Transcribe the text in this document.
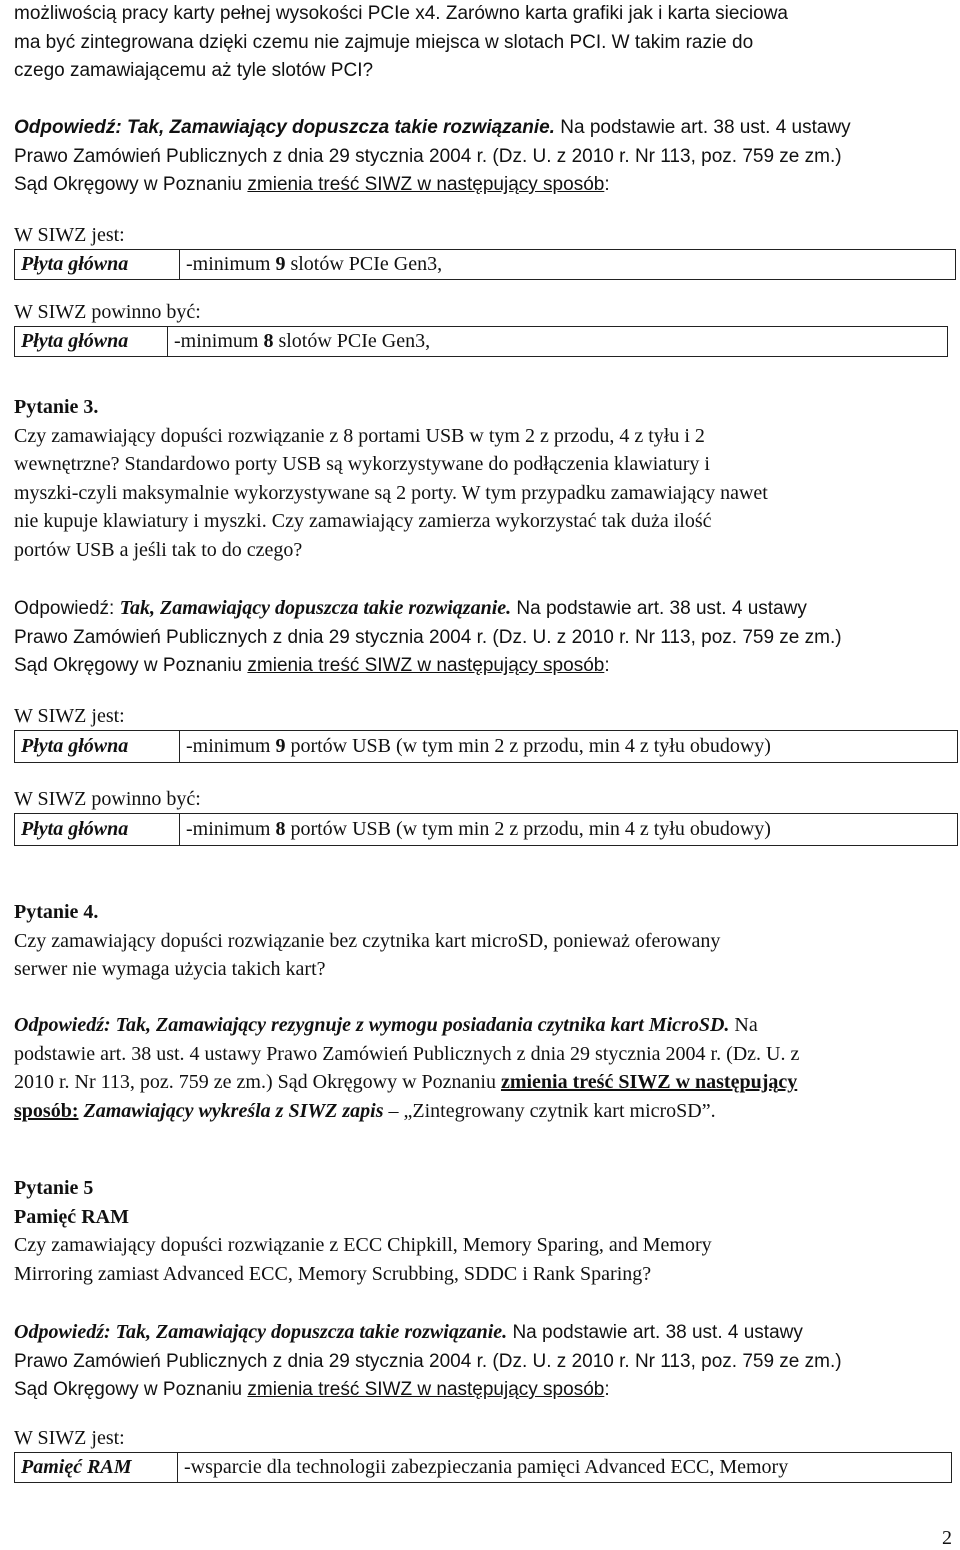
możliwością pracy karty pełnej wysokości PCIe x4. Zarówno karta grafiki jak i karta sieciowa

ma być zintegrowana dzięki czemu nie zajmuje miejsca w slotach PCI. W takim razie do

czego zamawiającemu aż tyle slotów PCI?

Odpowiedź: Tak, Zamawiający dopuszcza takie rozwiązanie. Na podstawie art. 38 ust. 4 ustawy

Prawo Zamówień Publicznych z dnia 29 stycznia 2004 r. (Dz. U. z 2010 r. Nr 113, poz. 759 ze zm.)

Sąd Okręgowy w Poznaniu zmienia treść SIWZ w następujący sposób:

W SIWZ jest:
Płyta główna	-minimum 9 slotów PCIe Gen3,
W SIWZ powinno być:
Płyta główna	-minimum 8 slotów PCIe Gen3,

Pytanie 3.

Czy zamawiający dopuści rozwiązanie z 8 portami USB w tym 2 z przodu, 4 z tyłu i 2

wewnętrzne? Standardowo porty USB są wykorzystywane do podłączenia klawiatury i

myszki-czyli maksymalnie wykorzystywane są 2 porty. W tym przypadku zamawiający nawet

nie kupuje klawiatury i myszki. Czy zamawiający zamierza wykorzystać tak duża ilość

portów USB a jeśli tak to do czego?

Odpowiedź: Tak, Zamawiający dopuszcza takie rozwiązanie. Na podstawie art. 38 ust. 4 ustawy

Prawo Zamówień Publicznych z dnia 29 stycznia 2004 r. (Dz. U. z 2010 r. Nr 113, poz. 759 ze zm.)

Sąd Okręgowy w Poznaniu zmienia treść SIWZ w następujący sposób:

W SIWZ jest:
Płyta główna	-minimum 9 portów USB (w tym min 2 z przodu, min 4 z tyłu obudowy)
W SIWZ powinno być:
Płyta główna	-minimum 8 portów USB (w tym min 2 z przodu, min 4 z tyłu obudowy)

Pytanie 4.

Czy zamawiający dopuści rozwiązanie bez czytnika kart microSD, ponieważ oferowany

serwer nie wymaga użycia takich kart?

Odpowiedź: Tak, Zamawiający rezygnuje z wymogu posiadania czytnika kart MicroSD. Na

podstawie art. 38 ust. 4 ustawy Prawo Zamówień Publicznych z dnia 29 stycznia 2004 r. (Dz. U. z

2010 r. Nr 113, poz. 759 ze zm.) Sąd Okręgowy w Poznaniu zmienia treść SIWZ w następujący

sposób: Zamawiający wykreśla z SIWZ zapis – „Zintegrowany czytnik kart microSD”.

Pytanie 5

Pamięć RAM

Czy zamawiający dopuści rozwiązanie z ECC Chipkill, Memory Sparing, and Memory

Mirroring zamiast Advanced ECC, Memory Scrubbing, SDDC i Rank Sparing?

Odpowiedź: Tak, Zamawiający dopuszcza takie rozwiązanie. Na podstawie art. 38 ust. 4 ustawy

Prawo Zamówień Publicznych z dnia 29 stycznia 2004 r. (Dz. U. z 2010 r. Nr 113, poz. 759 ze zm.)

Sąd Okręgowy w Poznaniu zmienia treść SIWZ w następujący sposób:

W SIWZ jest:
Pamięć RAM	-wsparcie dla technologii zabezpieczania pamięci Advanced ECC, Memory
2
